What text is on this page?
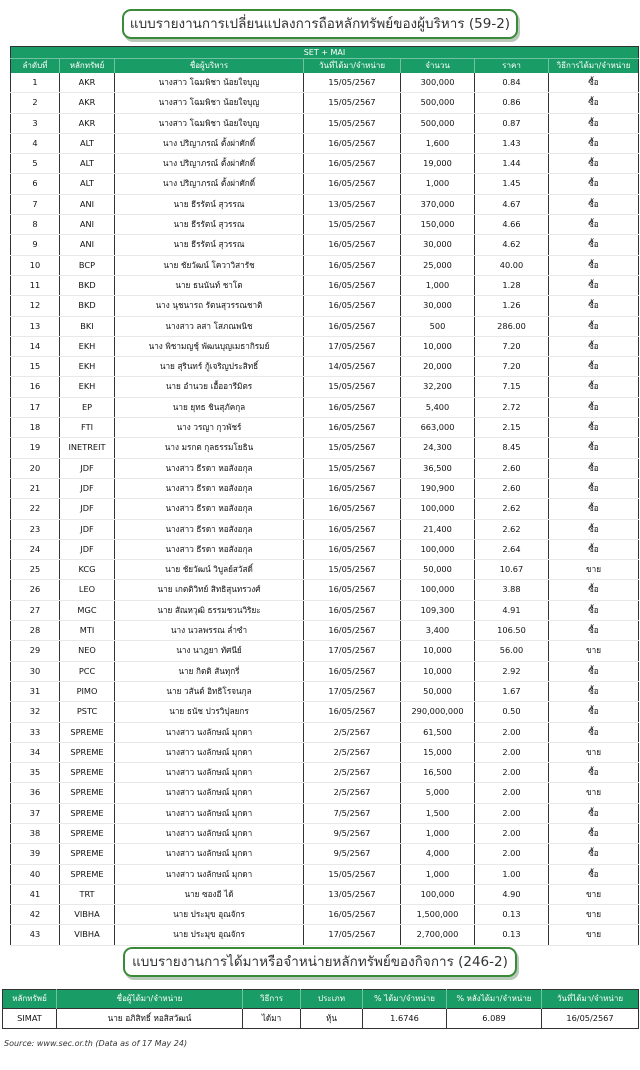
แบบรายงานการเปลี่ยนแปลงการถือหลักทรัพย์ของผู้บริหาร (59-2)
SET + MAI						
ลำดับที่	หลักทรัพย์	ชื่อผู้บริหาร	วันที่ได้มา/จำหน่าย	จำนวน	ราคา	วิธีการได้มา/จำหน่าย
1	AKR	นางสาว โฉมพิชา น้อยใจบุญ	15/05/2567	300,000	0.84	ซื้อ
2	AKR	นางสาว โฉมพิชา น้อยใจบุญ	15/05/2567	500,000	0.86	ซื้อ
3	AKR	นางสาว โฉมพิชา น้อยใจบุญ	15/05/2567	500,000	0.87	ซื้อ
4	ALT	นาง ปริญาภรณ์ ตั้งผ่าศักดิ์	16/05/2567	1,600	1.43	ซื้อ
5	ALT	นาง ปริญาภรณ์ ตั้งผ่าศักดิ์	16/05/2567	19,000	1.44	ซื้อ
6	ALT	นาง ปริญาภรณ์ ตั้งผ่าศักดิ์	16/05/2567	1,000	1.45	ซื้อ
7	ANI	นาย ธีรรัตน์ สุวรรณ	13/05/2567	370,000	4.67	ซื้อ
8	ANI	นาย ธีรรัตน์ สุวรรณ	15/05/2567	150,000	4.66	ซื้อ
9	ANI	นาย ธีรรัตน์ สุวรรณ	16/05/2567	30,000	4.62	ซื้อ
10	BCP	นาย ชัยวัฒน์ โควาวิสารัช	16/05/2567	25,000	40.00	ซื้อ
11	BKD	นาย ธนนันท์ ชาโต	16/05/2567	1,000	1.28	ซื้อ
12	BKD	นาง นุชนารถ รัตนสุวรรณชาติ	16/05/2567	30,000	1.26	ซื้อ
13	BKI	นางสาว ลสา โสภณพนิช	16/05/2567	500	286.00	ซื้อ
14	EKH	นาง พิชามญชุ์ พัฒนบุญเมธากิรมย์	17/05/2567	10,000	7.20	ซื้อ
15	EKH	นาย สุรินทร์ กู้เจริญประสิทธิ์	14/05/2567	20,000	7.20	ซื้อ
16	EKH	นาย อำนวย เอื้ออารีมิตร	15/05/2567	32,200	7.15	ซื้อ
17	EP	นาย ยุทธ ชินสุภัคกุล	16/05/2567	5,400	2.72	ซื้อ
18	FTI	นาง วรญา กุวพัชร์	16/05/2567	663,000	2.15	ซื้อ
19	INETREIT	นาง มรกต กุลธรรมโยธิน	15/05/2567	24,300	8.45	ซื้อ
20	JDF	นางสาว ธีรดา หอสังอกุล	15/05/2567	36,500	2.60	ซื้อ
21	JDF	นางสาว ธีรดา หอสังอกุล	16/05/2567	190,900	2.60	ซื้อ
22	JDF	นางสาว ธีรดา หอสังอกุล	16/05/2567	100,000	2.62	ซื้อ
23	JDF	นางสาว ธีรดา หอสังอกุล	16/05/2567	21,400	2.62	ซื้อ
24	JDF	นางสาว ธีรดา หอสังอกุล	16/05/2567	100,000	2.64	ซื้อ
25	KCG	นาย ชัยวัฒน์ วิบูลย์สวัสดิ์	15/05/2567	50,000	10.67	ขาย
26	LEO	นาย เกตติวิทย์ สิทธิสุนทรวงศ์	16/05/2567	100,000	3.88	ซื้อ
27	MGC	นาย สัณหวุฒิ ธรรมชวนวิริยะ	16/05/2567	109,300	4.91	ซื้อ
28	MTI	นาง นวลพรรณ ล่ำซำ	16/05/2567	3,400	106.50	ซื้อ
29	NEO	นาง นาฎยา ทัศนีย์	17/05/2567	10,000	56.00	ขาย
30	PCC	นาย กิตติ สันทุกรี่	16/05/2567	10,000	2.92	ซื้อ
31	PIMO	นาย วสันต์ อิทธิโรจนกุล	17/05/2567	50,000	1.67	ซื้อ
32	PSTC	นาย ธนัช ปวรวิปุลยกร	16/05/2567	290,000,000	0.50	ซื้อ
33	SPREME	นางสาว นงลักษณ์ มุกดา	2/5/2567	61,500	2.00	ซื้อ
34	SPREME	นางสาว นงลักษณ์ มุกดา	2/5/2567	15,000	2.00	ขาย
35	SPREME	นางสาว นงลักษณ์ มุกดา	2/5/2567	16,500	2.00	ซื้อ
36	SPREME	นางสาว นงลักษณ์ มุกดา	2/5/2567	5,000	2.00	ขาย
37	SPREME	นางสาว นงลักษณ์ มุกดา	7/5/2567	1,500	2.00	ซื้อ
38	SPREME	นางสาว นงลักษณ์ มุกดา	9/5/2567	1,000	2.00	ซื้อ
39	SPREME	นางสาว นงลักษณ์ มุกดา	9/5/2567	4,000	2.00	ซื้อ
40	SPREME	นางสาว นงลักษณ์ มุกดา	15/05/2567	1,000	1.00	ซื้อ
41	TRT	นาย ซองอี ได้	13/05/2567	100,000	4.90	ขาย
42	VIBHA	นาย ประมุข อุณจักร	16/05/2567	1,500,000	0.13	ขาย
43	VIBHA	นาย ประมุข อุณจักร	17/05/2567	2,700,000	0.13	ขาย
แบบรายงานการได้มาหรือจำหน่ายหลักทรัพย์ของกิจการ (246-2)
หลักทรัพย์	ชื่อผู้ได้มา/จำหน่าย	วิธีการ	ประเภท	% ได้มา/จำหน่าย	% หลังได้มา/จำหน่าย	วันที่ได้มา/จำหน่าย
SIMAT	นาย อภิสิทธิ์ หอสิสวัฒน์	ได้มา	หุ้น	1.6746	6.089	16/05/2567
Source: www.sec.or.th (Data as of 17 May 24)
